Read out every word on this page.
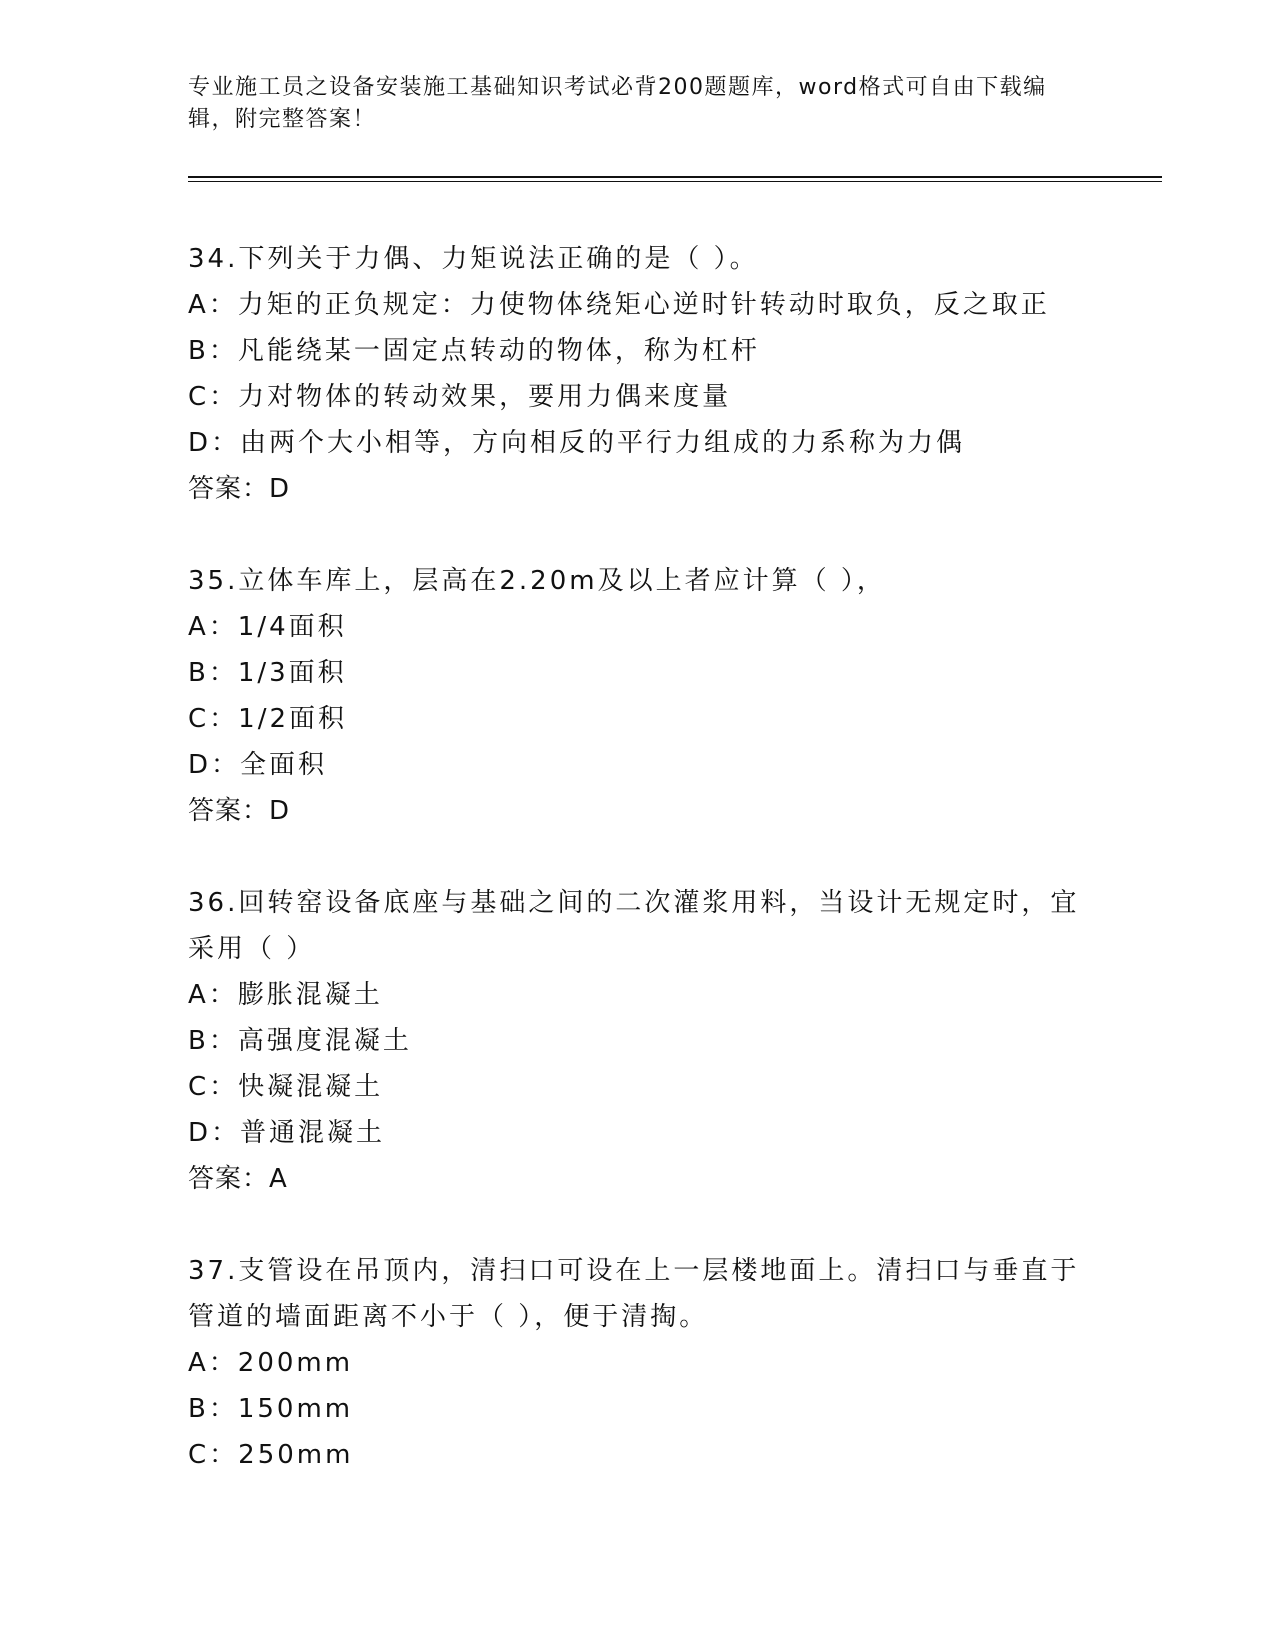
专业施工员之设备安装施工基础知识考试必背200题题库，word格式可自由下载编辑，附完整答案！

34.下列关于力偶、力矩说法正确的是（ ）。

A：力矩的正负规定：力使物体绕矩心逆时针转动时取负，反之取正

B：凡能绕某一固定点转动的物体，称为杠杆

C：力对物体的转动效果，要用力偶来度量

D：由两个大小相等，方向相反的平行力组成的力系称为力偶

答案：D

35.立体车库上，层高在2.20m及以上者应计算（ ），

A：1/4面积

B：1/3面积

C：1/2面积

D：全面积

答案：D

36.回转窑设备底座与基础之间的二次灌浆用料，当设计无规定时，宜采用（ ）

A：膨胀混凝土

B：高强度混凝土

C：快凝混凝土

D：普通混凝土

答案：A

37.支管设在吊顶内，清扫口可设在上一层楼地面上。清扫口与垂直于管道的墙面距离不小于（ ），便于清掏。

A：200mm

B：150mm

C：250mm
